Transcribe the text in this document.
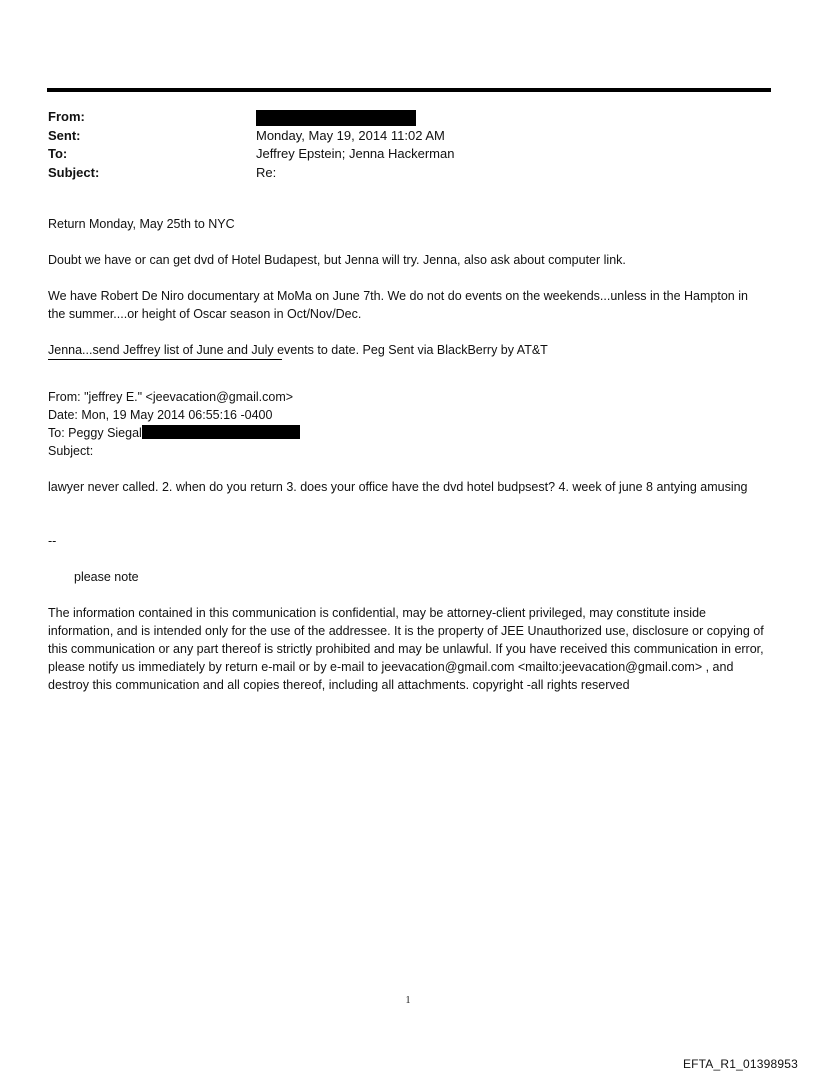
From:
Sent:	Monday, May 19, 2014 11:02 AM
To:	Jeffrey Epstein; Jenna Hackerman
Subject:	Re:

Return Monday, May 25th to NYC

Doubt we have or can get dvd of Hotel Budapest, but Jenna will try. Jenna, also ask about computer link.

We have Robert De Niro documentary at MoMa on June 7th. We do not do events on the weekends...unless in the Hampton in the summer....or height of Oscar season in Oct/Nov/Dec.

Jenna...send Jeffrey list of June and July events to date. Peg Sent via BlackBerry by AT&T

From: "jeffrey E." <jeevacation@gmail.com>

Date: Mon, 19 May 2014 06:55:16 -0400

To: Peggy Siegal

Subject:

lawyer never called. 2. when do you return 3. does your office have the dvd hotel budpsest? 4. week of june 8 antying amusing

--

please note

The information contained in this communication is confidential, may be attorney-client privileged, may constitute inside information, and is intended only for the use of the addressee. It is the property of JEE Unauthorized use, disclosure or copying of this communication or any part thereof is strictly prohibited and may be unlawful. If you have received this communication in error, please notify us immediately by return e-mail or by e-mail to jeevacation@gmail.com <mailto:jeevacation@gmail.com> , and destroy this communication and all copies thereof, including all attachments. copyright -all rights reserved

1
EFTA_R1_01398953
